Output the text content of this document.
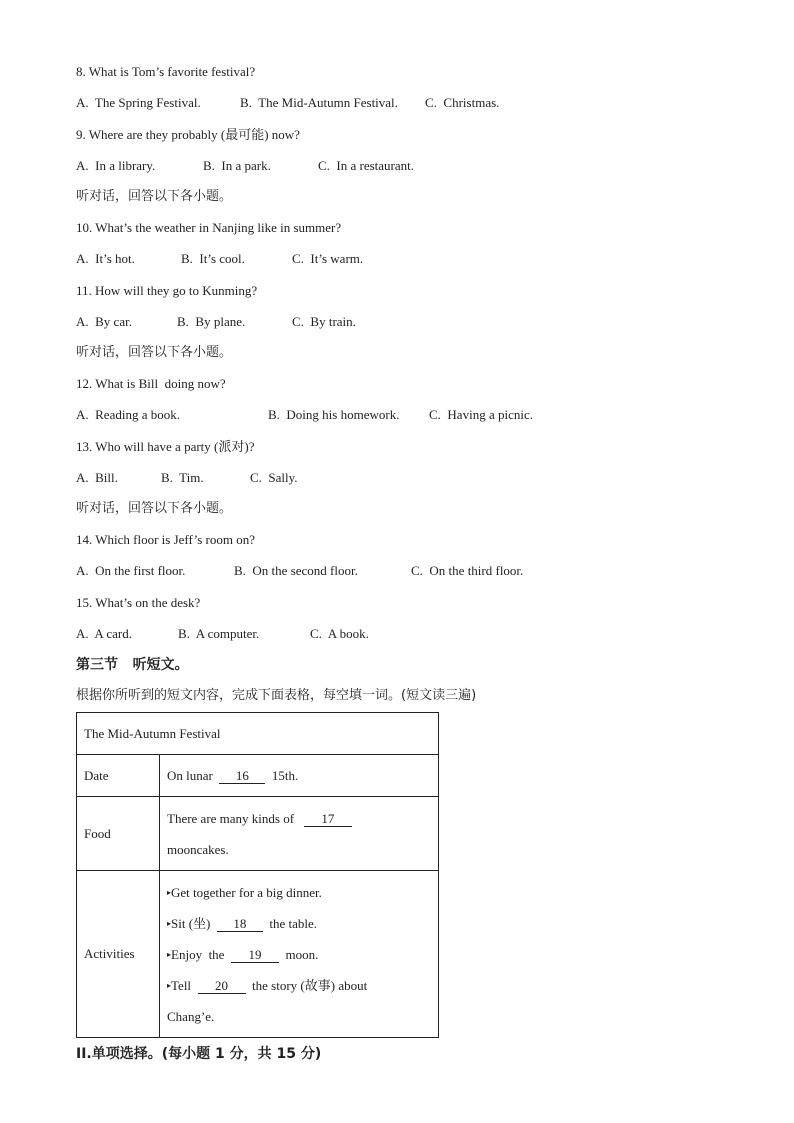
8. What is Tom’s favorite festival?
A.  The Spring Festival.	B.  The Mid-Autumn Festival. C.  Christmas.
9. Where are they probably (最可能) now?
A.  In a library.	B.  In a park.	C.  In a restaurant.
听对话，回答以下各小题。
10. What’s the weather in Nanjing like in summer?
A.  It’s hot.	B.  It’s cool.	C.  It’s warm.
11. How will they go to Kunming?
A.  By car.	B.  By plane.	C.  By train.
听对话，回答以下各小题。
12. What is Bill  doing now?
A.  Reading a book.	B.  Doing his homework. C.  Having a picnic.
13. Who will have a party (派对)?
A.  Bill.	B.  Tim.	C.  Sally.
听对话，回答以下各小题。
14. Which floor is Jeff’s room on?
A.  On the first floor.	B.  On the second floor.	C.  On the third floor.
15. What’s on the desk?
A.  A card.	B.  A computer.	C.  A book.
第三节   听短文。
根据你所听到的短文内容，完成下面表格，每空填一词。(短文读三遍)
The Mid-Autumn Festival	
Date	On lunar  16  15th.
Food	There are many kinds of   17
mooncakes.

Activities	▸Get together for a big dinner.
▸Sit (坐)  18  the table.
▸Enjoy  the  19  moon.
▸Tell  20  the story (故事) about
Chang’e.
II.单项选择。(每小题 1 分，共 15 分)
